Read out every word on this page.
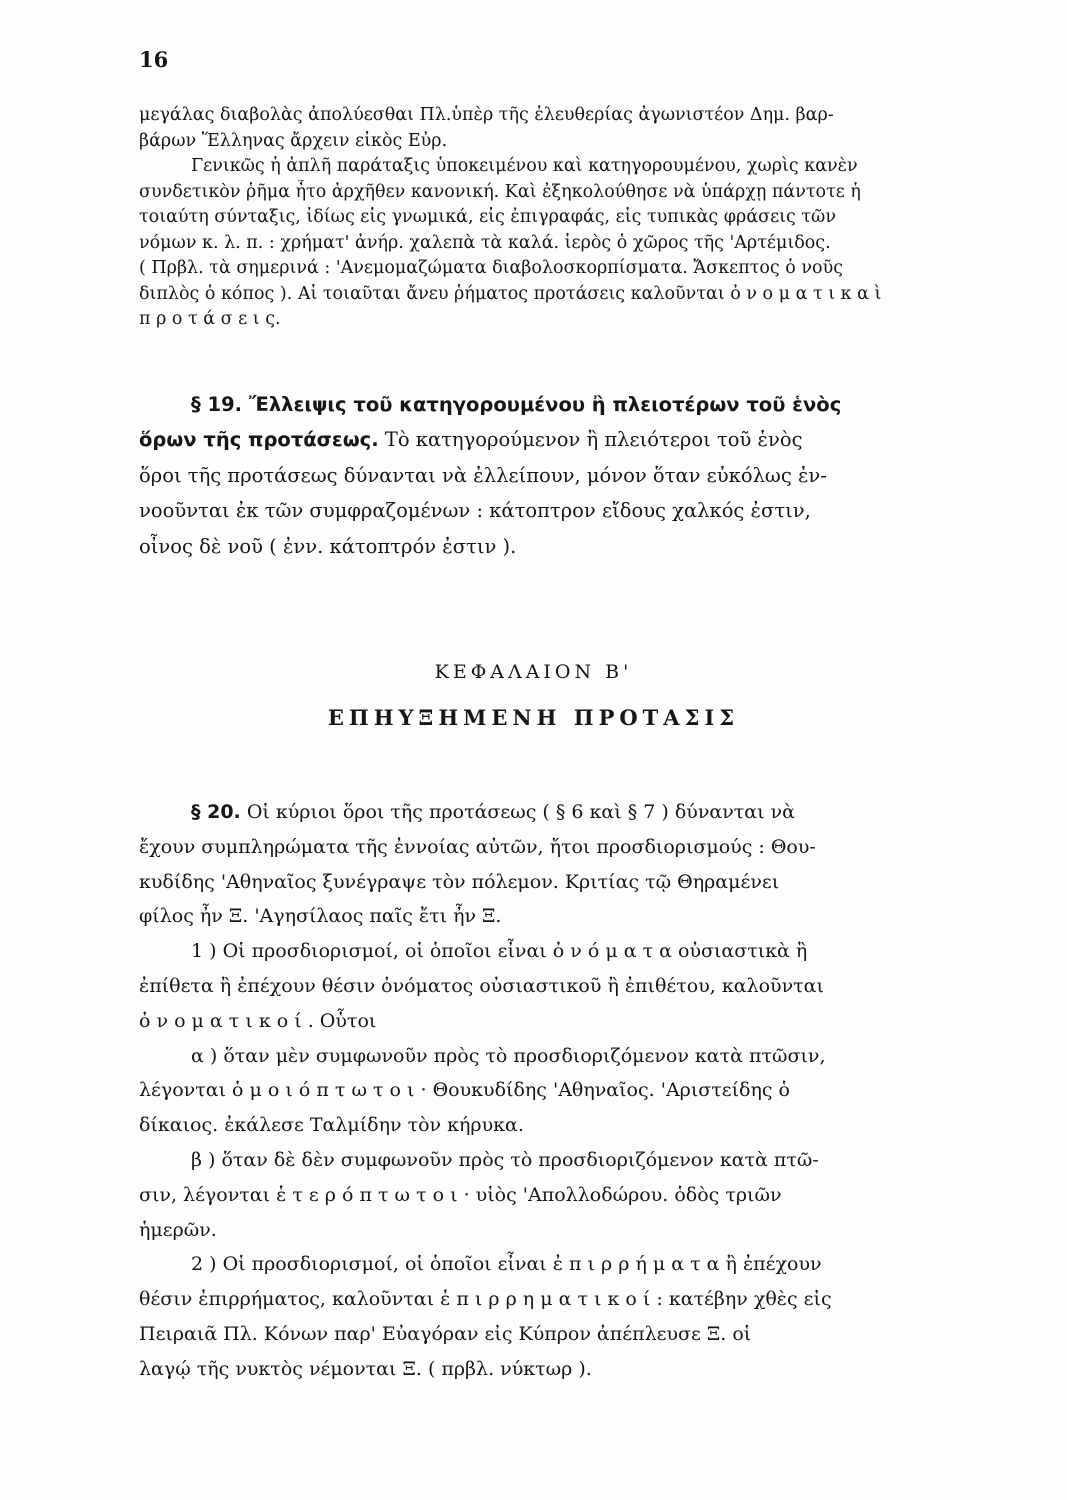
16
μεγάλας διαβολὰς ἀπολύεσθαι Πλ.ὑπὲρ τῆς ἐλευθερίας ἀγωνιστέον Δημ. βαρ-
βάρων Ἕλληνας ἄρχειν εἰκὸς Εὐρ.
Γενικῶς ἡ ἁπλῆ παράταξις ὑποκειμένου καὶ κατηγορουμένου, χωρὶς κανὲν
συνδετικὸν ῥῆμα ἦτο ἀρχῆθεν κανονική. Καὶ ἐξηκολούθησε νὰ ὑπάρχῃ πάντοτε ἡ
τοιαύτη σύνταξις, ἰδίως εἰς γνωμικά, εἰς ἐπιγραφάς, εἰς τυπικὰς φράσεις τῶν
νόμων κ. λ. π. : χρήματ' ἀνήρ. χαλεπὰ τὰ καλά. ἱερὸς ὁ χῶρος τῆς 'Αρτέμιδος.
( Πρβλ. τὰ σημερινά : 'Ανεμομαζώματα διαβολοσκορπίσματα. Ἄσκεπτος ὁ νοῦς
διπλὸς ὁ κόπος ). Αἱ τοιαῦται ἄνευ ῥήματος προτάσεις καλοῦνται ὀ ν ο μ α τ ι κ α ὶ
π ρ ο τ ά σ ε ι ς.
§ 19. Ἔλλειψις τοῦ κατηγορουμένου ἢ πλειοτέρων τοῦ ἑνὸς
ὅρων τῆς προτάσεως. Τὸ κατηγορούμενον ἢ πλειότεροι τοῦ ἑνὸς
ὅροι τῆς προτάσεως δύνανται νὰ ἐλλείπουν, μόνον ὅταν εὐκόλως ἐν-
νοοῦνται ἐκ τῶν συμφραζομένων : κάτοπτρον εἴδους χαλκός ἐστιν,
οἶνος δὲ νοῦ ( ἐνν. κάτοπτρόν ἐστιν ).
ΚΕΦΑΛΑΙΟΝ Β'
ΕΠΗΥΞΗΜΕΝΗ ΠΡΟΤΑΣΙΣ
§ 20. Οἱ κύριοι ὅροι τῆς προτάσεως ( § 6 καὶ § 7 ) δύνανται νὰ
ἔχουν συμπληρώματα τῆς ἐννοίας αὐτῶν, ἤτοι προσδιορισμούς : Θου-
κυδίδης 'Αθηναῖος ξυνέγραψε τὸν πόλεμον. Κριτίας τῷ Θηραμένει
φίλος ἦν Ξ. 'Αγησίλαος παῖς ἔτι ἦν Ξ.
1 ) Οἱ προσδιορισμοί, οἱ ὁποῖοι εἶναι ὀ ν ό μ α τ α οὐσιαστικὰ ἢ
ἐπίθετα ἢ ἐπέχουν θέσιν ὀνόματος οὐσιαστικοῦ ἢ ἐπιθέτου, καλοῦνται
ὀ ν ο μ α τ ι κ ο ί . Οὗτοι
α ) ὅταν μὲν συμφωνοῦν πρὸς τὸ προσδιοριζόμενον κατὰ πτῶσιν,
λέγονται ὁ μ ο ι ό π τ ω τ ο ι · Θουκυδίδης 'Αθηναῖος. 'Αριστείδης ὁ
δίκαιος. ἐκάλεσε Ταλμίδην τὸν κήρυκα.
β ) ὅταν δὲ δὲν συμφωνοῦν πρὸς τὸ προσδιοριζόμενον κατὰ πτῶ-
σιν, λέγονται ἑ τ ε ρ ό π τ ω τ ο ι · υἱὸς 'Απολλοδώρου. ὁδὸς τριῶν
ἡμερῶν.
2 ) Οἱ προσδιορισμοί, οἱ ὁποῖοι εἶναι ἐ π ι ρ ρ ή μ α τ α ἢ ἐπέχουν
θέσιν ἐπιρρήματος, καλοῦνται ἐ π ι ρ ρ η μ α τ ι κ ο ί : κατέβην χθὲς εἰς
Πειραιᾶ Πλ. Κόνων παρ' Εὐαγόραν εἰς Κύπρον ἀπέπλευσε Ξ. οἱ
λαγῴ τῆς νυκτὸς νέμονται Ξ. ( πρβλ. νύκτωρ ).
